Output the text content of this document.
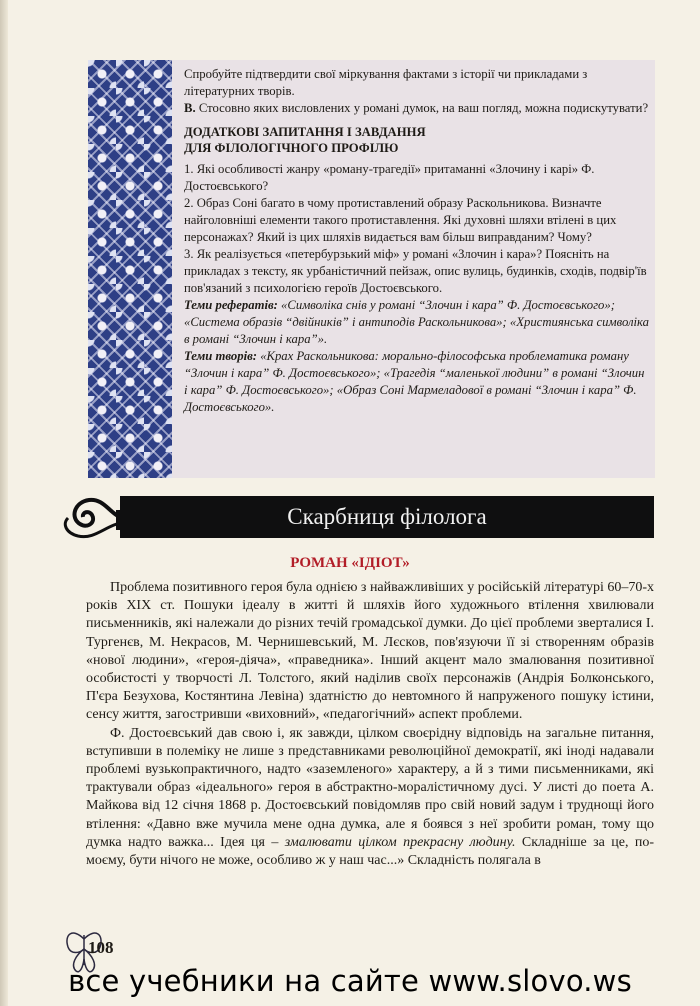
Спробуйте підтвердити свої міркування фактами з історії чи прикладами з літературних творів.

В. Стосовно яких висловлених у романі думок, на ваш погляд, можна подискутувати?

ДОДАТКОВІ ЗАПИТАННЯ І ЗАВДАННЯ
ДЛЯ ФІЛОЛОГІЧНОГО ПРОФІЛЮ

1. Які особливості жанру «роману-трагедії» притаманні «Злочину і карі» Ф. Достоєвського?

2. Образ Соні багато в чому протиставлений образу Раскольникова. Визначте найголовніші елементи такого протиставлення. Які духовні шляхи втілені в цих персонажах? Який із цих шляхів видається вам більш виправданим? Чому?

3. Як реалізується «петербурзький міф» у романі «Злочин і кара»? Поясніть на прикладах з тексту, як урбаністичний пейзаж, опис вулиць, будинків, сходів, подвір'їв пов'язаний з психологією героїв Достоєвського.

Теми рефератів: «Символіка снів у романі “Злочин і кара” Ф. Достоєвського»; «Система образів “двійників” і антиподів Раскольникова»; «Християнська символіка в романі “Злочин і кара”».

Теми творів: «Крах Раскольникова: морально-філософська проблематика роману “Злочин і кара” Ф. Достоєвського»; «Трагедія “маленької людини” в романі “Злочин і кара” Ф. Достоєвського»; «Образ Соні Мармеладової в романі “Злочин і кара” Ф. Достоєвського».

Скарбниця філолога
РОМАН «ІДІОТ»

Проблема позитивного героя була однією з найважливіших у російській літературі 60–70-х років XIX ст. Пошуки ідеалу в житті й шляхів його художнього втілення хвилювали письменників, які належали до різних течій громадської думки. До цієї проблеми зверталися І. Тургенєв, М. Некрасов, М. Чернишевський, М. Лєсков, пов'язуючи її зі створенням образів «нової людини», «героя-діяча», «праведника». Інший акцент мало змалювання позитивної особистості у творчості Л. Толстого, який наділив своїх персонажів (Андрія Болконського, П'єра Безухова, Костянтина Левіна) здатністю до невтомного й напруженого пошуку істини, сенсу життя, загостривши «виховний», «педагогічний» аспект проблеми.

Ф. Достоєвський дав свою і, як завжди, цілком своєрідну відповідь на загальне питання, вступивши в полеміку не лише з представниками революційної демократії, які іноді надавали проблемі вузькопрактичного, надто «заземленого» характеру, а й з тими письменниками, які трактували образ «ідеального» героя в абстрактно-моралістичному дусі. У листі до поета А. Майкова від 12 січня 1868 р. Достоєвський повідомляв про свій новий задум і труднощі його втілення: «Давно вже мучила мене одна думка, але я боявся з неї зробити роман, тому що думка надто важка... Ідея ця – змалювати цілком прекрасну людину. Складніше за це, по-моєму, бути нічого не може, особливо ж у наш час...» Складність полягала в

108
все учебники на сайте www.slovo.ws
